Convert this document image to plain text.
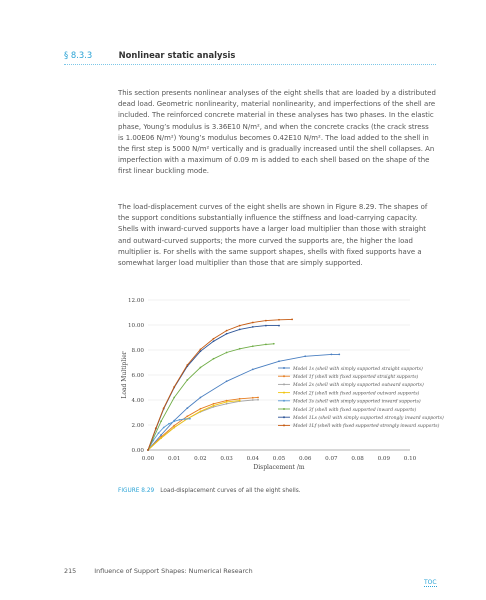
§ 8.3.3	Nonlinear static analysis

This section presents nonlinear analyses of the eight shells that are loaded by a distributed dead load. Geometric nonlinearity, material nonlinearity, and imperfections of the shell are included. The reinforced concrete material in these analyses has two phases. In the elastic phase, Young’s modulus is 3.36E10 N/m², and when the concrete cracks (the crack stress is 1.00E06 N/m²) Young’s modulus becomes 0.42E10 N/m². The load added to the shell in the first step is 5000 N/m² vertically and is gradually increased until the shell collapses. An imperfection with a maximum of 0.09 m is added to each shell based on the shape of the first linear buckling mode.

The load-displacement curves of the eight shells are shown in Figure 8.29. The shapes of the support conditions substantially influence the stiffness and load-carrying capacity. Shells with inward-curved supports have a larger load multiplier than those with straight and outward-curved supports; the more curved the supports are, the higher the load multiplier is. For shells with the same support shapes, shells with fixed supports have a somewhat larger load multiplier than those that are simply supported.

0.00
2.00
4.00
6.00
8.00
10.00
12.00
0.00 0.01 0.02 0.03 0.04 0.05 0.06 0.07 0.08 0.09 0.10
Displacement /m
Load Multiplier	Model 1s (shell with simply supported straight supports)
Model 1f (shell with fixed supported straight supports)
Model 2s (shell with simply supported outward supports)
Model 2f (shell with fixed supported outward supports)
Model 3s (shell with simply supported inward supports)
Model 3f (shell with fixed supported inward supports)
Model 1Ls (shell with simply supported strongly inward supports)
Model 1Lf (shell with fixed supported strongly inward supports)
FIGURE 8.29 Load-displacement curves of all the eight shells.
215	Influence of Support Shapes: Numerical Research
TOC
